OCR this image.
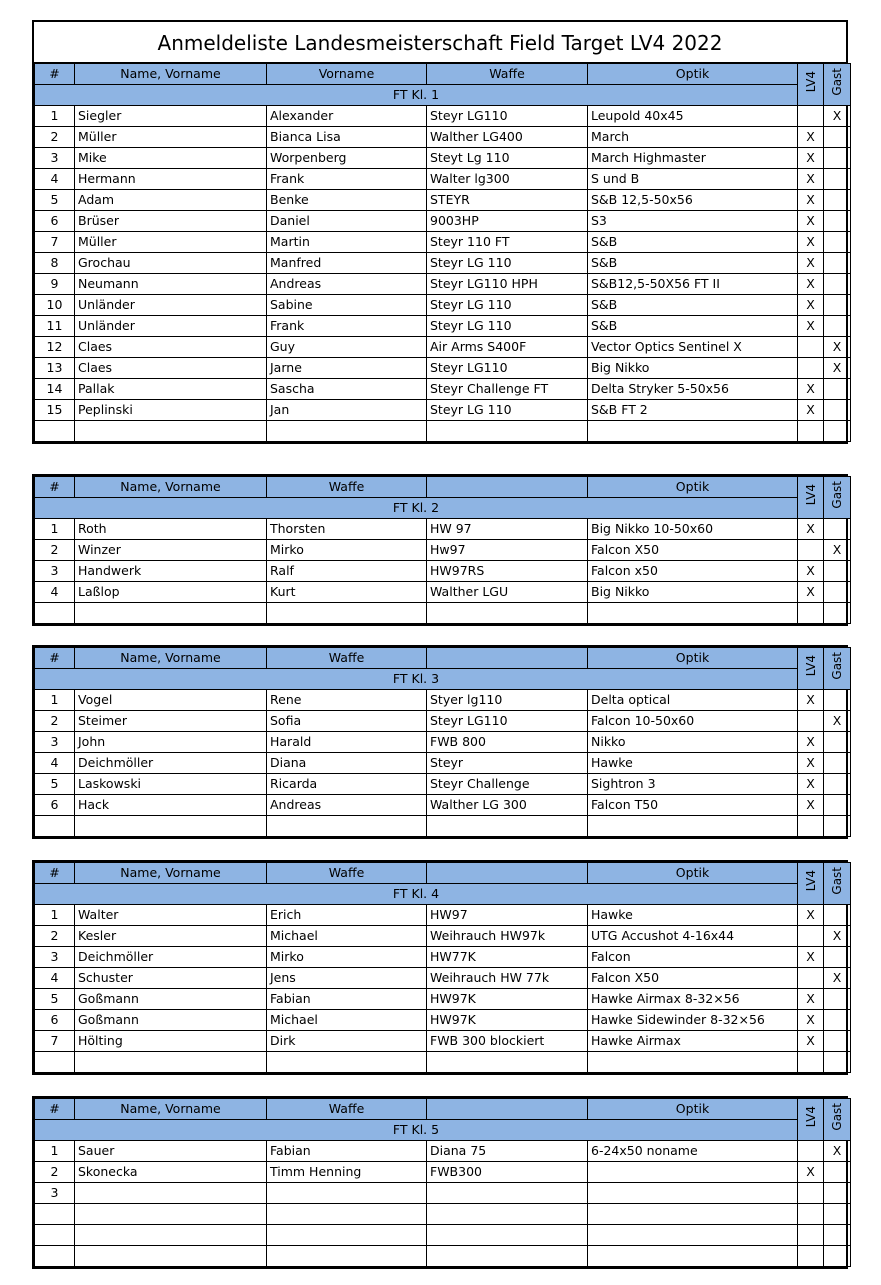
Anmeldeliste Landesmeisterschaft Field Target LV4 2022
#	Name, Vorname	Vorname	Waffe	Optik	LV4	Gast
FT Kl. 1						
1	Siegler	Alexander	Steyr LG110	Leupold 40x45		X
2	Müller	Bianca Lisa	Walther LG400	March	X	
3	Mike	Worpenberg	Steyt Lg 110	March Highmaster	X	
4	Hermann	Frank	Walter lg300	S und B	X	
5	Adam	Benke	STEYR	S&B 12,5-50x56	X	
6	Brüser	Daniel	9003HP	S3	X	
7	Müller	Martin	Steyr 110 FT	S&B	X	
8	Grochau	Manfred	Steyr LG 110	S&B	X	
9	Neumann	Andreas	Steyr LG110 HPH	S&B12,5-50X56 FT II	X	
10	Unländer	Sabine	Steyr LG 110	S&B	X	
11	Unländer	Frank	Steyr LG 110	S&B	X	
12	Claes	Guy	Air Arms S400F	Vector Optics Sentinel X		X
13	Claes	Jarne	Steyr LG110	Big Nikko		X
14	Pallak	Sascha	Steyr Challenge FT	Delta Stryker 5-50x56	X	
15	Peplinski	Jan	Steyr LG 110	S&B FT 2	X	

#	Name, Vorname	Waffe		Optik	LV4	Gast
FT Kl. 2						
1	Roth	Thorsten	HW 97	Big Nikko 10-50x60	X	
2	Winzer	Mirko	Hw97	Falcon X50		X
3	Handwerk	Ralf	HW97RS	Falcon x50	X	
4	Laßlop	Kurt	Walther LGU	Big Nikko	X	

#	Name, Vorname	Waffe		Optik	LV4	Gast
FT Kl. 3						
1	Vogel	Rene	Styer lg110	Delta optical	X	
2	Steimer	Sofia	Steyr LG110	Falcon 10-50x60		X
3	John	Harald	FWB 800	Nikko	X	
4	Deichmöller	Diana	Steyr	Hawke	X	
5	Laskowski	Ricarda	Steyr Challenge	Sightron 3	X	
6	Hack	Andreas	Walther LG 300	Falcon T50	X	

#	Name, Vorname	Waffe		Optik	LV4	Gast
FT Kl. 4						
1	Walter	Erich	HW97	Hawke	X	
2	Kesler	Michael	Weihrauch HW97k	UTG Accushot 4-16x44		X
3	Deichmöller	Mirko	HW77K	Falcon	X	
4	Schuster	Jens	Weihrauch HW 77k	Falcon X50		X
5	Goßmann	Fabian	HW97K	Hawke Airmax 8-32×56	X	
6	Goßmann	Michael	HW97K	Hawke Sidewinder 8-32×56	X	
7	Hölting	Dirk	FWB 300 blockiert	Hawke Airmax	X	

#	Name, Vorname	Waffe		Optik	LV4	Gast
FT Kl. 5						
1	Sauer	Fabian	Diana 75	6-24x50 noname		X
2	Skonecka	Timm Henning	FWB300		X	
3						
